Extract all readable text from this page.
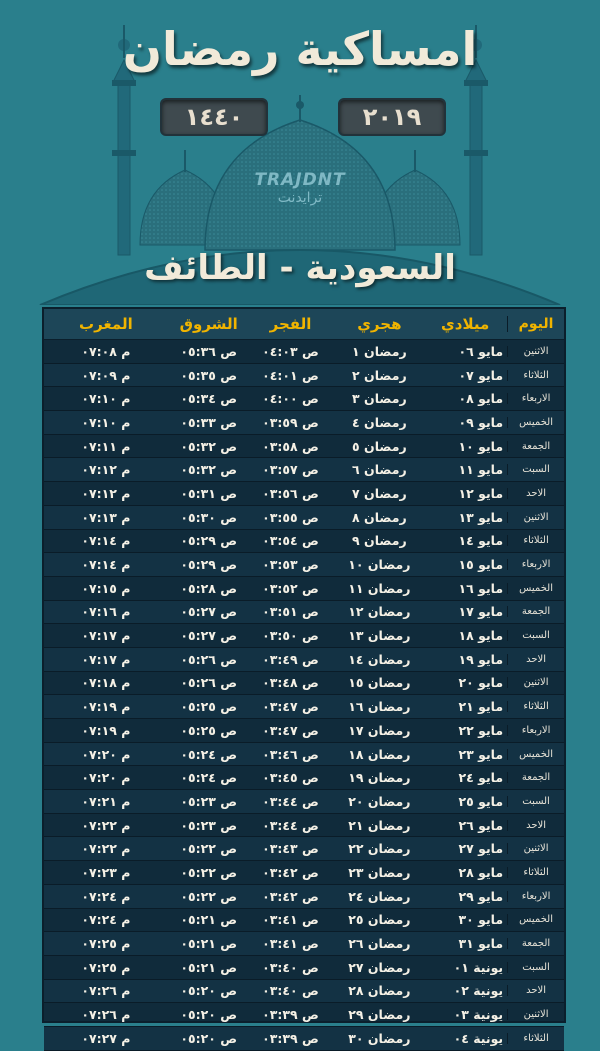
امساكية رمضان
١٤٤٠	٢٠١٩
TRAJDNT
ترايدنت
السعودية - الطائف
اليوم
ميلادي
هجري
الفجر
الشروق
المغرب
الاثنين
مايو ٠٦
رمضان ١
ص ٠٤:٠٣
ص ٠٥:٣٦
م ٠٧:٠٨
الثلاثاء
مايو ٠٧
رمضان ٢
ص ٠٤:٠١
ص ٠٥:٣٥
م ٠٧:٠٩
الاربعاء
مايو ٠٨
رمضان ٣
ص ٠٤:٠٠
ص ٠٥:٣٤
م ٠٧:١٠
الخميس
مايو ٠٩
رمضان ٤
ص ٠٣:٥٩
ص ٠٥:٣٣
م ٠٧:١٠
الجمعة
مايو ١٠
رمضان ٥
ص ٠٣:٥٨
ص ٠٥:٣٢
م ٠٧:١١
السبت
مايو ١١
رمضان ٦
ص ٠٣:٥٧
ص ٠٥:٣٢
م ٠٧:١٢
الاحد
مايو ١٢
رمضان ٧
ص ٠٣:٥٦
ص ٠٥:٣١
م ٠٧:١٢
الاثنين
مايو ١٣
رمضان ٨
ص ٠٣:٥٥
ص ٠٥:٣٠
م ٠٧:١٣
الثلاثاء
مايو ١٤
رمضان ٩
ص ٠٣:٥٤
ص ٠٥:٢٩
م ٠٧:١٤
الاربعاء
مايو ١٥
رمضان ١٠
ص ٠٣:٥٣
ص ٠٥:٢٩
م ٠٧:١٤
الخميس
مايو ١٦
رمضان ١١
ص ٠٣:٥٢
ص ٠٥:٢٨
م ٠٧:١٥
الجمعة
مايو ١٧
رمضان ١٢
ص ٠٣:٥١
ص ٠٥:٢٧
م ٠٧:١٦
السبت
مايو ١٨
رمضان ١٣
ص ٠٣:٥٠
ص ٠٥:٢٧
م ٠٧:١٧
الاحد
مايو ١٩
رمضان ١٤
ص ٠٣:٤٩
ص ٠٥:٢٦
م ٠٧:١٧
الاثنين
مايو ٢٠
رمضان ١٥
ص ٠٣:٤٨
ص ٠٥:٢٦
م ٠٧:١٨
الثلاثاء
مايو ٢١
رمضان ١٦
ص ٠٣:٤٧
ص ٠٥:٢٥
م ٠٧:١٩
الاربعاء
مايو ٢٢
رمضان ١٧
ص ٠٣:٤٧
ص ٠٥:٢٥
م ٠٧:١٩
الخميس
مايو ٢٣
رمضان ١٨
ص ٠٣:٤٦
ص ٠٥:٢٤
م ٠٧:٢٠
الجمعة
مايو ٢٤
رمضان ١٩
ص ٠٣:٤٥
ص ٠٥:٢٤
م ٠٧:٢٠
السبت
مايو ٢٥
رمضان ٢٠
ص ٠٣:٤٤
ص ٠٥:٢٣
م ٠٧:٢١
الاحد
مايو ٢٦
رمضان ٢١
ص ٠٣:٤٤
ص ٠٥:٢٣
م ٠٧:٢٢
الاثنين
مايو ٢٧
رمضان ٢٢
ص ٠٣:٤٣
ص ٠٥:٢٢
م ٠٧:٢٢
الثلاثاء
مايو ٢٨
رمضان ٢٣
ص ٠٣:٤٢
ص ٠٥:٢٢
م ٠٧:٢٣
الاربعاء
مايو ٢٩
رمضان ٢٤
ص ٠٣:٤٢
ص ٠٥:٢٢
م ٠٧:٢٤
الخميس
مايو ٣٠
رمضان ٢٥
ص ٠٣:٤١
ص ٠٥:٢١
م ٠٧:٢٤
الجمعة
مايو ٣١
رمضان ٢٦
ص ٠٣:٤١
ص ٠٥:٢١
م ٠٧:٢٥
السبت
يونية ٠١
رمضان ٢٧
ص ٠٣:٤٠
ص ٠٥:٢١
م ٠٧:٢٥
الاحد
يونية ٠٢
رمضان ٢٨
ص ٠٣:٤٠
ص ٠٥:٢٠
م ٠٧:٢٦
الاثنين
يونية ٠٣
رمضان ٢٩
ص ٠٣:٣٩
ص ٠٥:٢٠
م ٠٧:٢٦
الثلاثاء
يونية ٠٤
رمضان ٣٠
ص ٠٣:٣٩
ص ٠٥:٢٠
م ٠٧:٢٧
